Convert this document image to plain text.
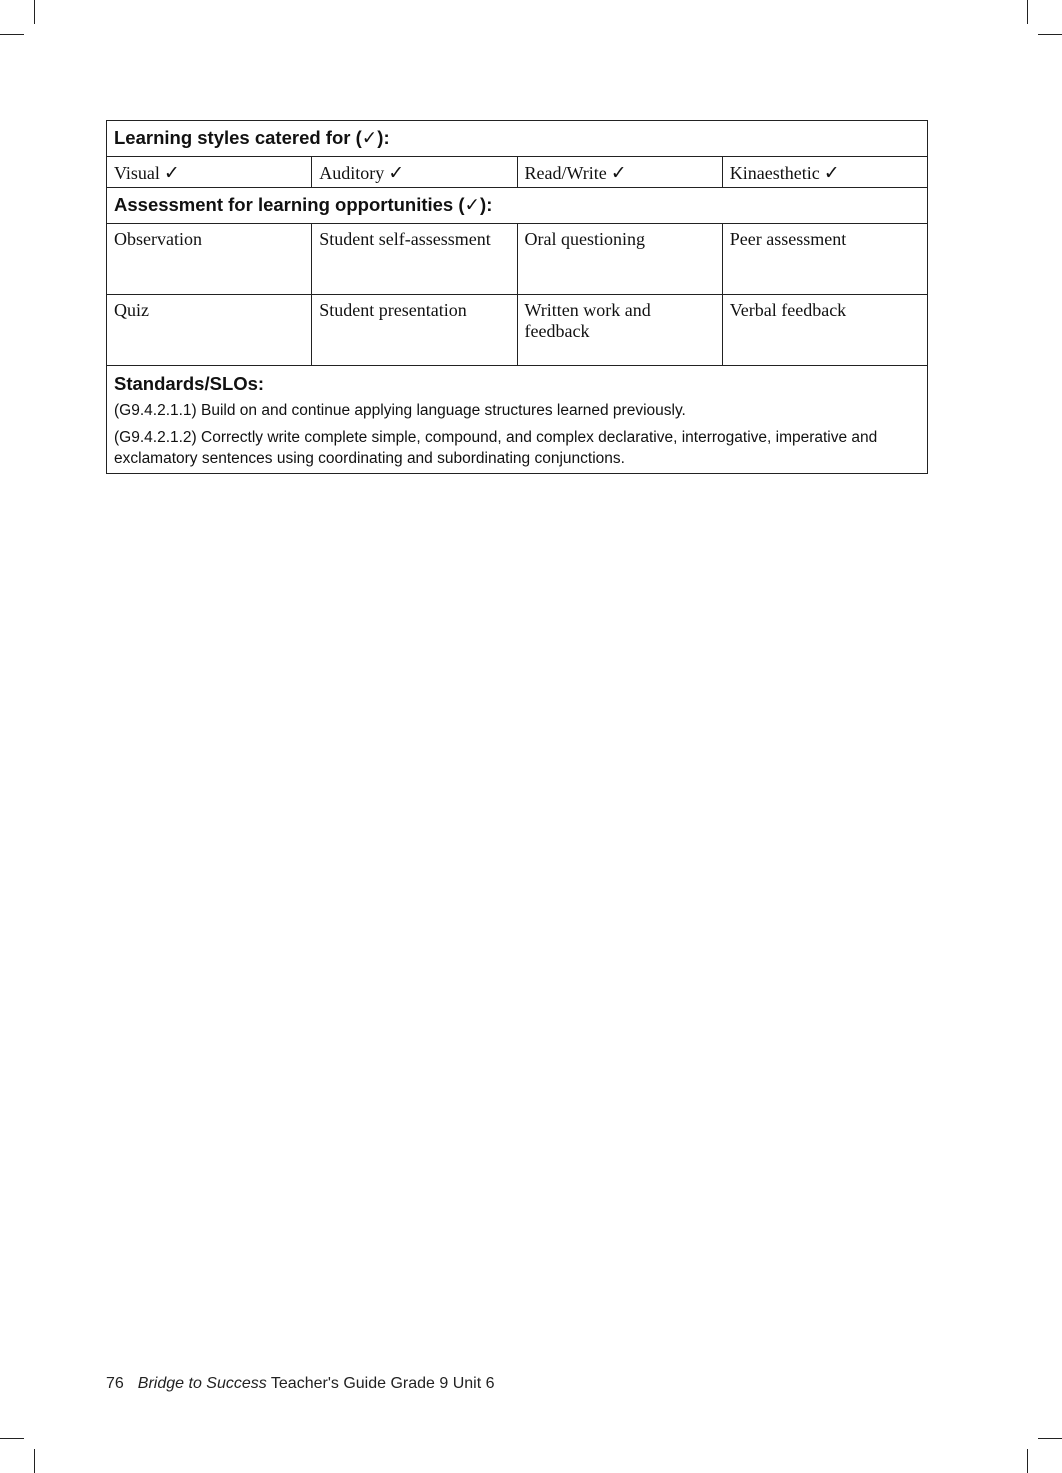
Learning styles catered for (✓):			
Visual ✓	Auditory ✓	Read/Write ✓	Kinaesthetic ✓
Assessment for learning opportunities (✓):			
Observation	Student self-assessment	Oral questioning	Peer assessment
Quiz	Student presentation	Written work and feedback	Verbal feedback

Standards/SLOs:
(G9.4.2.1.1) Build on and continue applying language structures learned previously.
(G9.4.2.1.2) Correctly write complete simple, compound, and complex declarative, interrogative, imperative and exclamatory sentences using coordinating and subordinating conjunctions.			
76 Bridge to Success Teacher's Guide Grade 9 Unit 6
